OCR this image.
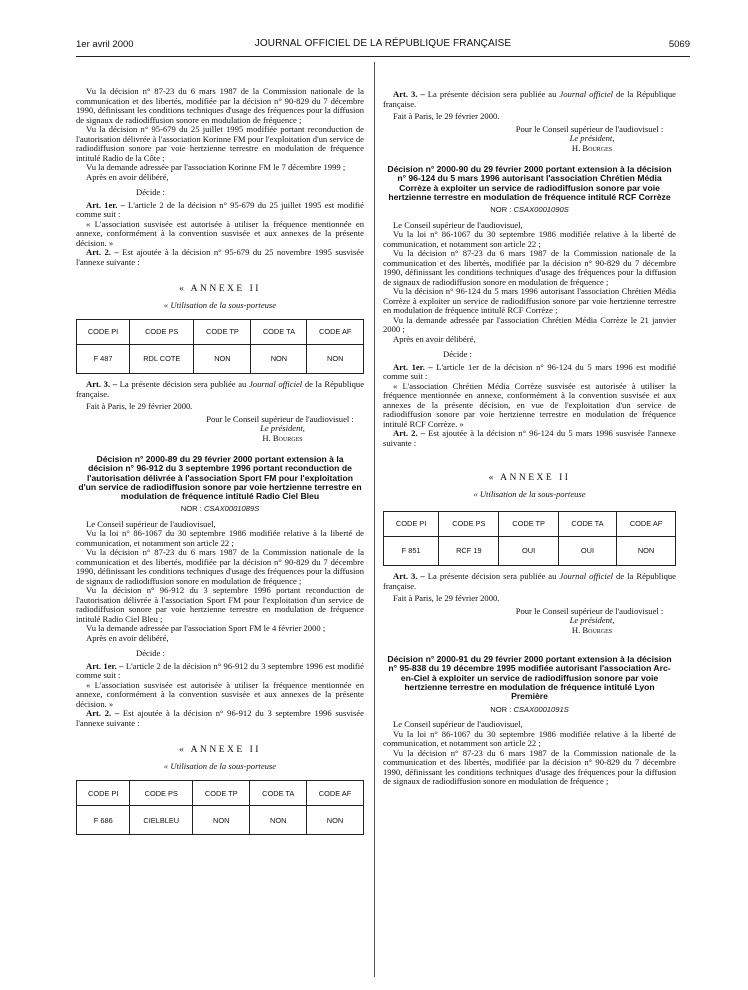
1er avril 2000	JOURNAL OFFICIEL DE LA RÉPUBLIQUE FRANÇAISE	5069

Vu la décision n° 87-23 du 6 mars 1987 de la Commission nationale de la communication et des libertés, modifiée par la décision n° 90-829 du 7 décembre 1990, définissant les conditions techniques d'usage des fréquences pour la diffusion de signaux de radiodiffusion sonore en modulation de fréquence ;

Vu la décision n° 95-679 du 25 juillet 1995 modifiée portant reconduction de l'autorisation délivrée à l'association Korinne FM pour l'exploitation d'un service de radiodiffusion sonore par voie hertzienne terrestre en modulation de fréquence intitulé Radio de la Côte ;

Vu la demande adressée par l'association Korinne FM le 7 décembre 1999 ;

Après en avoir délibéré,

Décide :

Art. 1er. – L'article 2 de la décision n° 95-679 du 25 juillet 1995 est modifié comme suit :

« L'association susvisée est autorisée à utiliser la fréquence mentionnée en annexe, conformément à la convention susvisée et aux annexes de la présente décision. »

Art. 2. – Est ajoutée à la décision n° 95-679 du 25 novembre 1995 susvisée l'annexe suivante :

« ANNEXE II
« Utilisation de la sous-porteuse
CODE PI	CODE PS	CODE TP	CODE TA	CODE AF
F 487	RDL COTE	NON	NON	NON

Art. 3. – La présente décision sera publiée au Journal officiel de la République française.

Fait à Paris, le 29 février 2000.

Pour le Conseil supérieur de l'audiovisuel :

Le président,

H. Bourges

Décision n° 2000-89 du 29 février 2000 portant extension à la décision n° 96-912 du 3 septembre 1996 portant reconduction de l'autorisation délivrée à l'association Sport FM pour l'exploitation d'un service de radiodiffusion sonore par voie hertzienne terrestre en modulation de fréquence intitulé Radio Ciel Bleu
NOR : CSAX0001089S

Le Conseil supérieur de l'audiovisuel,

Vu la loi n° 86-1067 du 30 septembre 1986 modifiée relative à la liberté de communication, et notamment son article 22 ;

Vu la décision n° 87-23 du 6 mars 1987 de la Commission nationale de la communication et des libertés, modifiée par la décision n° 90-829 du 7 décembre 1990, définissant les conditions techniques d'usage des fréquences pour la diffusion de signaux de radiodiffusion sonore en modulation de fréquence ;

Vu la décision n° 96-912 du 3 septembre 1996 portant reconduction de l'autorisation délivrée à l'association Sport FM pour l'exploitation d'un service de radiodiffusion sonore par voie hertzienne terrestre en modulation de fréquence intitulé Radio Ciel Bleu ;

Vu la demande adressée par l'association Sport FM le 4 février 2000 ;

Après en avoir délibéré,

Décide :

Art. 1er. – L'article 2 de la décision n° 96-912 du 3 septembre 1996 est modifié comme suit :

« L'association susvisée est autorisée à utiliser la fréquence mentionnée en annexe, conformément à la convention susvisée et aux annexes de la présente décision. »

Art. 2. – Est ajoutée à la décision n° 96-912 du 3 septembre 1996 susvisée l'annexe suivante :

« ANNEXE II
« Utilisation de la sous-porteuse
CODE PI	CODE PS	CODE TP	CODE TA	CODE AF
F 686	CIELBLEU	NON	NON	NON

Art. 3. – La présente décision sera publiée au Journal officiel de la République française.

Fait à Paris, le 29 février 2000.

Pour le Conseil supérieur de l'audiovisuel :

Le président,

H. Bourges

Décision n° 2000-90 du 29 février 2000 portant extension à la décision n° 96-124 du 5 mars 1996 autorisant l'association Chrétien Média Corrèze à exploiter un service de radiodiffusion sonore par voie hertzienne terrestre en modulation de fréquence intitulé RCF Corrèze
NOR : CSAX0001090S

Le Conseil supérieur de l'audiovisuel,

Vu la loi n° 86-1067 du 30 septembre 1986 modifiée relative à la liberté de communication, et notamment son article 22 ;

Vu la décision n° 87-23 du 6 mars 1987 de la Commission nationale de la communication et des libertés, modifiée par la décision n° 90-829 du 7 décembre 1990, définissant les conditions techniques d'usage des fréquences pour la diffusion de signaux de radiodiffusion sonore en modulation de fréquence ;

Vu la décision n° 96-124 du 5 mars 1996 autorisant l'association Chrétien Média Corrèze à exploiter un service de radiodiffusion sonore par voie hertzienne terrestre en modulation de fréquence intitulé RCF Corrèze ;

Vu la demande adressée par l'association Chrétien Média Corrèze le 21 janvier 2000 ;

Après en avoir délibéré,

Décide :

Art. 1er. – L'article 1er de la décision n° 96-124 du 5 mars 1996 est modifié comme suit :

« L'association Chrétien Média Corrèze susvisée est autorisée à utiliser la fréquence mentionnée en annexe, conformément à la convention susvisée et aux annexes de la présente décision, en vue de l'exploitation d'un service de radiodiffusion sonore par voie hertzienne terrestre en modulation de fréquence intitulé RCF Corrèze. »

Art. 2. – Est ajoutée à la décision n° 96-124 du 5 mars 1996 susvisée l'annexe suivante :

« ANNEXE II
« Utilisation de la sous-porteuse
CODE PI	CODE PS	CODE TP	CODE TA	CODE AF
F 851	RCF 19	OUI	OUI	NON

Art. 3. – La présente décision sera publiée au Journal officiel de la République française.

Fait à Paris, le 29 février 2000.

Pour le Conseil supérieur de l'audiovisuel :

Le président,

H. Bourges

Décision n° 2000-91 du 29 février 2000 portant extension à la décision n° 95-838 du 19 décembre 1995 modifiée autorisant l'association Arc-en-Ciel à exploiter un service de radiodiffusion sonore par voie hertzienne terrestre en modulation de fréquence intitulé Lyon Première
NOR : CSAX0001091S

Le Conseil supérieur de l'audiovisuel,

Vu la loi n° 86-1067 du 30 septembre 1986 modifiée relative à la liberté de communication, et notamment son article 22 ;

Vu la décision n° 87-23 du 6 mars 1987 de la Commission nationale de la communication et des libertés, modifiée par la décision n° 90-829 du 7 décembre 1990, définissant les conditions techniques d'usage des fréquences pour la diffusion de signaux de radiodiffusion sonore en modulation de fréquence ;
